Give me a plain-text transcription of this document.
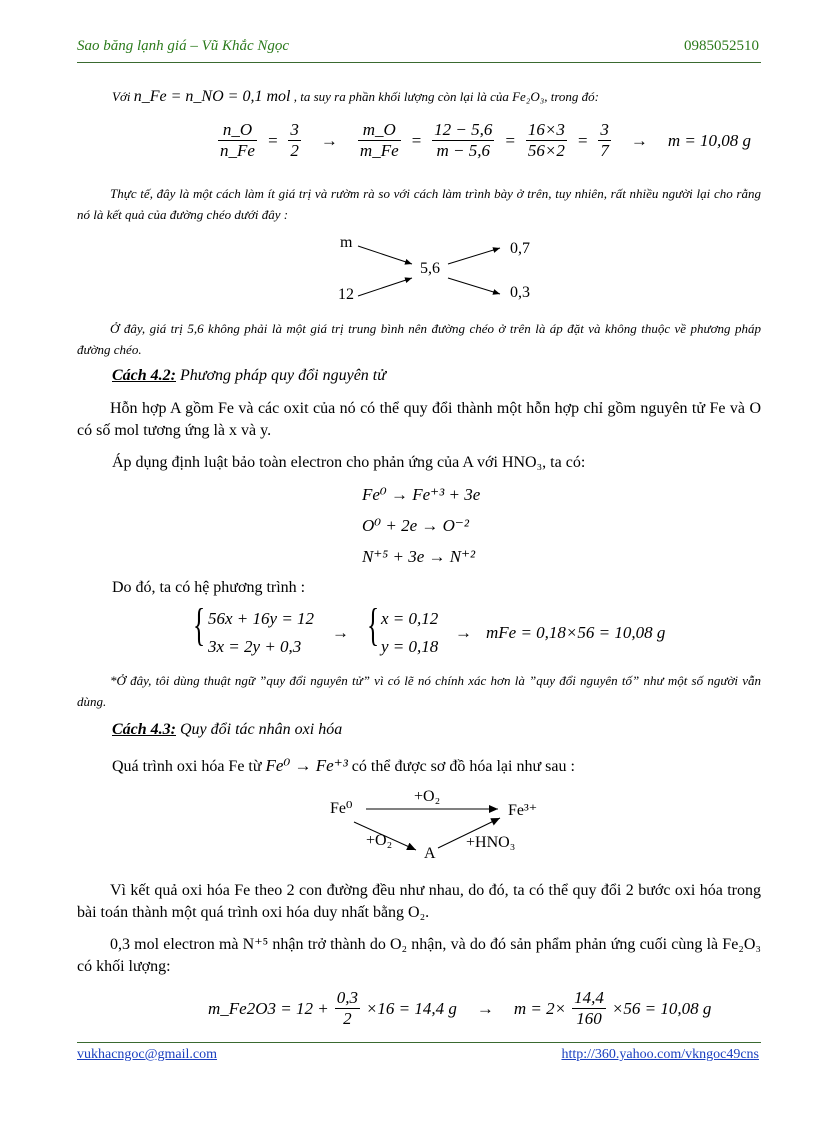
Sao băng lạnh giá – Vũ Khắc Ngọc	0985052510
Với n_Fe = n_NO = 0,1 mol , ta suy ra phần khối lượng còn lại là của Fe₂O₃, trong đó:
$\frac{n\_O}{n\_Fe} = \frac{3}{2} \to \frac{m\_O}{m\_Fe} = \frac{12 - 5,6}{m - 5,6} = \frac{16\times 3}{56\times 2} = \frac{3}{7} \to m = 10,08$ g
Thực tế, đây là một cách làm ít giá trị và rườm rà so với cách làm trình bày ở trên, tuy nhiên, rất nhiều người lại cho rằng nó là kết quả của đường chéo dưới đây :
m
12
5,6
0,7
0,3
Ở đây, giá trị 5,6 không phải là một giá trị trung bình nên đường chéo ở trên là áp đặt và không thuộc về phương pháp đường chéo.
Cách 4.2: Phương pháp quy đổi nguyên tử
Hỗn hợp A gồm Fe và các oxit của nó có thể quy đổi thành một hỗn hợp chỉ gồm nguyên tử Fe và O có số mol tương ứng là x và y.
Áp dụng định luật bảo toàn electron cho phản ứng của A với HNO₃, ta có:
Fe⁰ → Fe⁺³ + 3e
O⁰ + 2e → O⁻²
N⁺⁵ + 3e → N⁺²
Do đó, ta có hệ phương trình :
{ 56x + 16y = 12
3x = 2y + 0,3
→ { x = 0,12
y = 0,18
→ mFe = 0,18×56 = 10,08 g
*Ở đây, tôi dùng thuật ngữ ”quy đổi nguyên tử” vì có lẽ nó chính xác hơn là ”quy đổi nguyên tố” như một số người vẫn dùng.
Cách 4.3: Quy đổi tác nhân oxi hóa
Quá trình oxi hóa Fe từ Fe⁰ → Fe⁺³ có thể được sơ đồ hóa lại như sau :
Fe⁰	Fe³⁺
+O₂
A
+O₂	+HNO₃
Vì kết quả oxi hóa Fe theo 2 con đường đều như nhau, do đó, ta có thể quy đổi 2 bước oxi hóa trong bài toán thành một quá trình oxi hóa duy nhất bằng O₂.
0,3 mol electron mà N⁺⁵ nhận trở thành do O₂ nhận, và do đó sản phẩm phản ứng cuối cùng là Fe₂O₃ có khối lượng:
m_Fe2O3 = $12 + \frac{0,3}{2} \times 16 = 14,4$ $g \to m = 2\times \frac{14,4}{160} \times 56 = 10,08$ g
vukhacngoc@gmail.com	http://360.yahoo.com/vkngoc49cns
